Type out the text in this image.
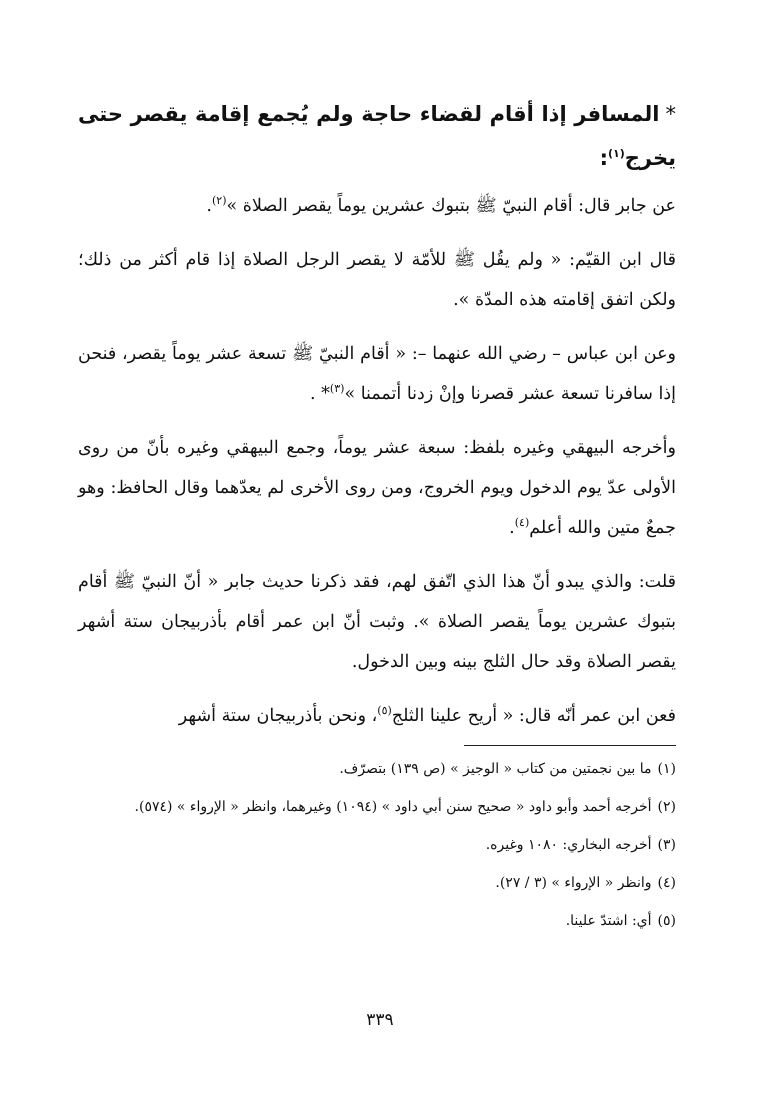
*المسافر إذا أقام لقضاء حاجة ولم يُجمع إقامة يقصر حتى يخرج$^{(١)}$:

عن جابر قال: أقام النبيّ ﷺ بتبوك عشرين يوماً يقصر الصلاة »$^{(٢)}$.

قال ابن القيّم: « ولم يقُل ﷺ للأمّة لا يقصر الرجل الصلاة إذا قام أكثر من ذلك؛ ولكن اتفق إقامته هذه المدّة ».

وعن ابن عباس – رضي الله عنهما –: « أقام النبيّ ﷺ تسعة عشر يوماً يقصر، فنحن إذا سافرنا تسعة عشر قصرنا وإنْ زدنا أتممنا »$^{(٣)}$* .

وأخرجه البيهقي وغيره بلفظ: سبعة عشر يوماً، وجمع البيهقي وغيره بأنّ من روى الأولى عدّ يوم الدخول ويوم الخروج، ومن روى الأخرى لم يعدّهما وقال الحافظ: وهو جمعٌ متين والله أعلم$^{(٤)}$.

قلت: والذي يبدو أنّ هذا الذي اتّفق لهم، فقد ذكرنا حديث جابر « أنّ النبيّ ﷺ أقام بتبوك عشرين يوماً يقصر الصلاة ». وثبت أنّ ابن عمر أقام بأذربيجان ستة أشهر يقصر الصلاة وقد حال الثلج بينه وبين الدخول.

فعن ابن عمر أنّه قال: « أريح علينا الثلج$^{(٥)}$، ونحن بأذربيجان ستة أشهر

(١)ما بين نجمتين من كتاب « الوجيز » (ص ١٣٩) بتصرّف.
(٢)أخرجه أحمد وأبو داود « صحيح سنن أبي داود » (١٠٩٤) وغيرهما، وانظر « الإرواء » (٥٧٤).
(٣)أخرجه البخاري: ١٠٨٠ وغيره.
(٤)وانظر « الإرواء » (٣ / ٢٧).
(٥)أي: اشتدّ علينا.
٣٣٩
